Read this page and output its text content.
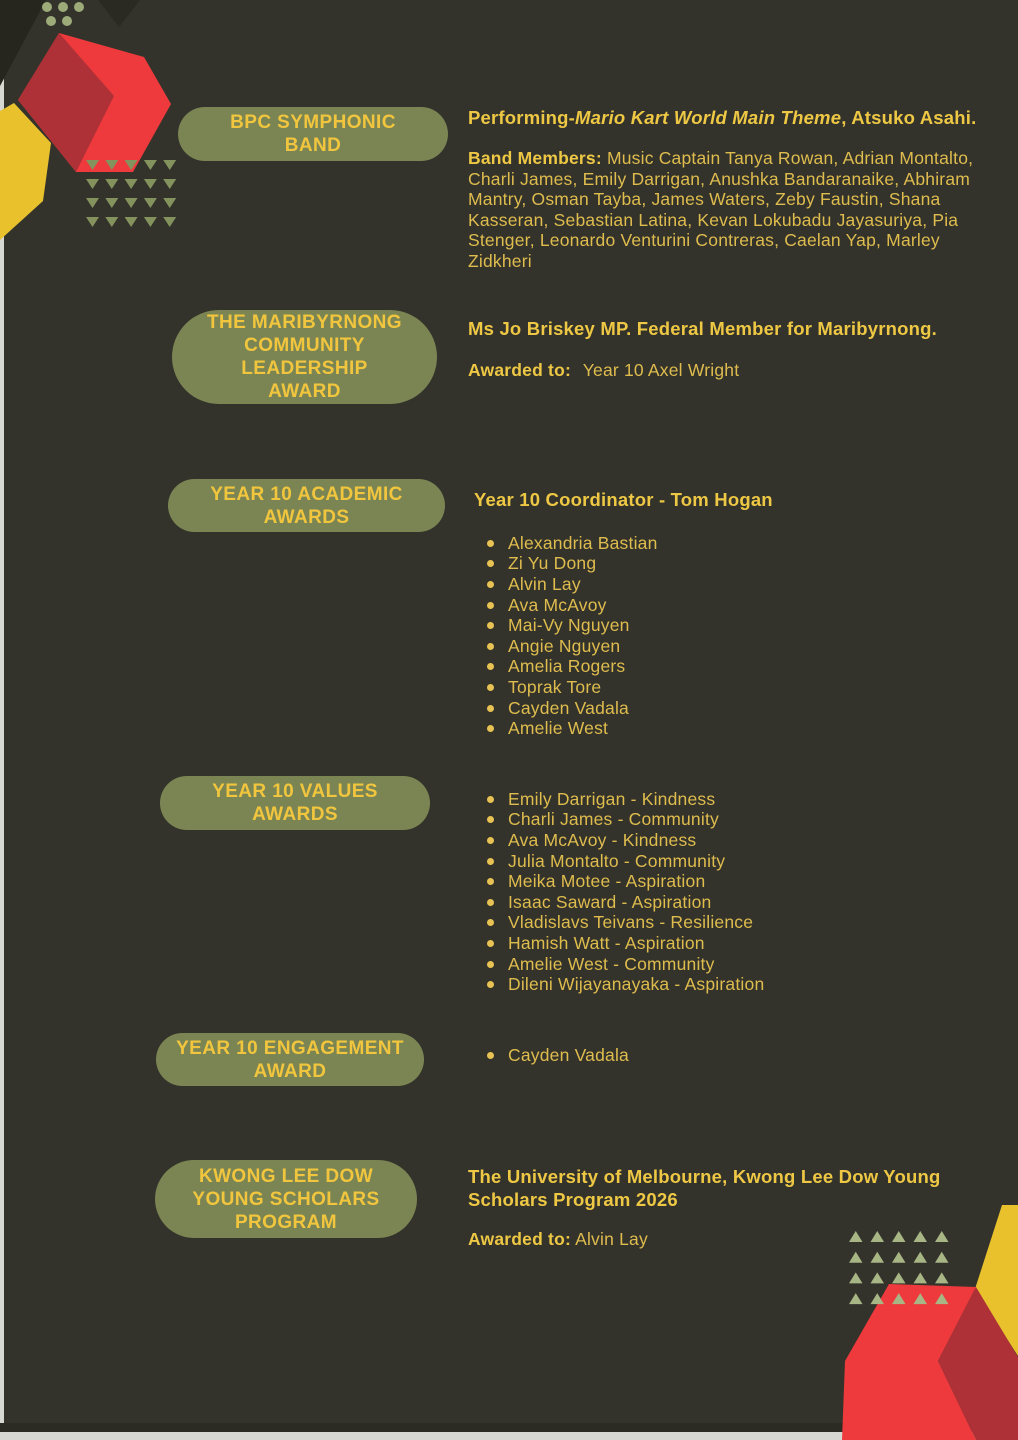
BPC SYMPHONIC
BAND
Performing-Mario Kart World Main Theme, Atsuko Asahi.
Band Members: Music Captain Tanya Rowan, Adrian Montalto, Charli James, Emily Darrigan, Anushka Bandaranaike, Abhiram Mantry, Osman Tayba, James Waters, Zeby Faustin, Shana Kasseran, Sebastian Latina, Kevan Lokubadu Jayasuriya, Pia Stenger, Leonardo Venturini Contreras, Caelan Yap, Marley Zidkheri
THE MARIBYRNONG
COMMUNITY
LEADERSHIP
AWARD
Ms Jo Briskey MP. Federal Member for Maribyrnong.
Awarded to: Year 10 Axel Wright
YEAR 10 ACADEMIC
AWARDS
Year 10 Coordinator - Tom Hogan
Alexandria Bastian
Zi Yu Dong
Alvin Lay
Ava McAvoy
Mai-Vy Nguyen
Angie Nguyen
Amelia Rogers
Toprak Tore
Cayden Vadala
Amelie West
YEAR 10 VALUES
AWARDS
Emily Darrigan - Kindness
Charli James - Community
Ava McAvoy - Kindness
Julia Montalto - Community
Meika Motee - Aspiration
Isaac Saward - Aspiration
Vladislavs Teivans - Resilience
Hamish Watt - Aspiration
Amelie West - Community
Dileni Wijayanayaka - Aspiration
YEAR 10 ENGAGEMENT
AWARD
Cayden Vadala
KWONG LEE DOW
YOUNG SCHOLARS
PROGRAM
The University of Melbourne, Kwong Lee Dow Young Scholars Program 2026
Awarded to: Alvin Lay
